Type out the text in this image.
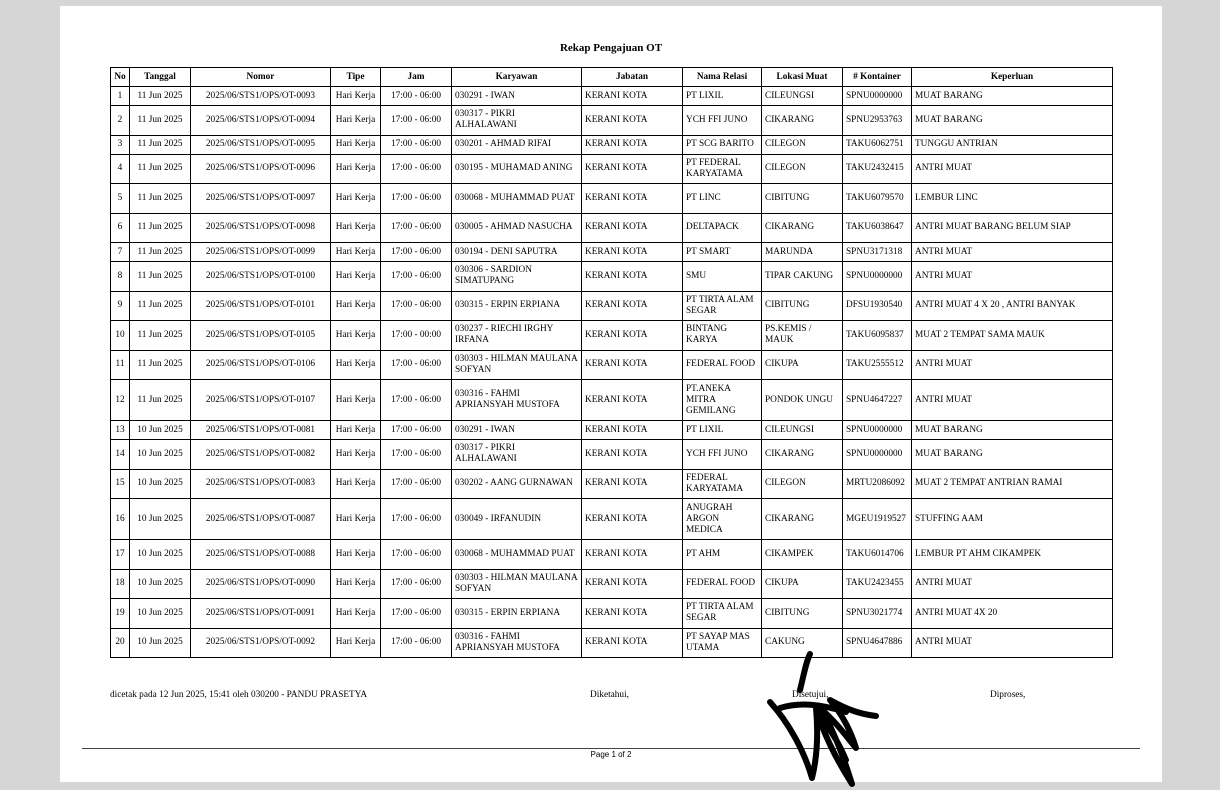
Rekap Pengajuan OT
No	Tanggal	Nomor	Tipe	Jam	Karyawan	Jabatan	Nama Relasi	Lokasi Muat	# Kontainer	Keperluan
1	11 Jun 2025	2025/06/STS1/OPS/OT-0093	Hari Kerja	17:00 - 06:00	030291 - IWAN	KERANI KOTA	PT LIXIL	CILEUNGSI	SPNU0000000	MUAT BARANG
2	11 Jun 2025	2025/06/STS1/OPS/OT-0094	Hari Kerja	17:00 - 06:00	030317 - PIKRI ALHALAWANI	KERANI KOTA	YCH FFI JUNO	CIKARANG	SPNU2953763	MUAT BARANG
3	11 Jun 2025	2025/06/STS1/OPS/OT-0095	Hari Kerja	17:00 - 06:00	030201 - AHMAD RIFAI	KERANI KOTA	PT SCG BARITO	CILEGON	TAKU6062751	TUNGGU ANTRIAN
4	11 Jun 2025	2025/06/STS1/OPS/OT-0096	Hari Kerja	17:00 - 06:00	030195 - MUHAMAD ANING	KERANI KOTA	PT FEDERAL KARYATAMA	CILEGON	TAKU2432415	ANTRI MUAT
5	11 Jun 2025	2025/06/STS1/OPS/OT-0097	Hari Kerja	17:00 - 06:00	030068 - MUHAMMAD PUAT	KERANI KOTA	PT LINC	CIBITUNG	TAKU6079570	LEMBUR LINC
6	11 Jun 2025	2025/06/STS1/OPS/OT-0098	Hari Kerja	17:00 - 06:00	030005 - AHMAD NASUCHA	KERANI KOTA	DELTAPACK	CIKARANG	TAKU6038647	ANTRI MUAT BARANG BELUM SIAP
7	11 Jun 2025	2025/06/STS1/OPS/OT-0099	Hari Kerja	17:00 - 06:00	030194 - DENI SAPUTRA	KERANI KOTA	PT SMART	MARUNDA	SPNU3171318	ANTRI MUAT
8	11 Jun 2025	2025/06/STS1/OPS/OT-0100	Hari Kerja	17:00 - 06:00	030306 - SARDION SIMATUPANG	KERANI KOTA	SMU	TIPAR CAKUNG	SPNU0000000	ANTRI MUAT
9	11 Jun 2025	2025/06/STS1/OPS/OT-0101	Hari Kerja	17:00 - 06:00	030315 - ERPIN ERPIANA	KERANI KOTA	PT TIRTA ALAM SEGAR	CIBITUNG	DFSU1930540	ANTRI MUAT 4 X 20 , ANTRI BANYAK
10	11 Jun 2025	2025/06/STS1/OPS/OT-0105	Hari Kerja	17:00 - 00:00	030237 - RIECHI IRGHY IRFANA	KERANI KOTA	BINTANG KARYA	PS.KEMIS / MAUK	TAKU6095837	MUAT 2 TEMPAT SAMA MAUK
11	11 Jun 2025	2025/06/STS1/OPS/OT-0106	Hari Kerja	17:00 - 06:00	030303 - HILMAN MAULANA SOFYAN	KERANI KOTA	FEDERAL FOOD	CIKUPA	TAKU2555512	ANTRI MUAT
12	11 Jun 2025	2025/06/STS1/OPS/OT-0107	Hari Kerja	17:00 - 06:00	030316 - FAHMI APRIANSYAH MUSTOFA	KERANI KOTA	PT.ANEKA MITRA GEMILANG	PONDOK UNGU	SPNU4647227	ANTRI MUAT
13	10 Jun 2025	2025/06/STS1/OPS/OT-0081	Hari Kerja	17:00 - 06:00	030291 - IWAN	KERANI KOTA	PT LIXIL	CILEUNGSI	SPNU0000000	MUAT BARANG
14	10 Jun 2025	2025/06/STS1/OPS/OT-0082	Hari Kerja	17:00 - 06:00	030317 - PIKRI ALHALAWANI	KERANI KOTA	YCH FFI JUNO	CIKARANG	SPNU0000000	MUAT BARANG
15	10 Jun 2025	2025/06/STS1/OPS/OT-0083	Hari Kerja	17:00 - 06:00	030202 - AANG GURNAWAN	KERANI KOTA	FEDERAL KARYATAMA	CILEGON	MRTU2086092	MUAT 2 TEMPAT ANTRIAN RAMAI
16	10 Jun 2025	2025/06/STS1/OPS/OT-0087	Hari Kerja	17:00 - 06:00	030049 - IRFANUDIN	KERANI KOTA	ANUGRAH ARGON MEDICA	CIKARANG	MGEU1919527	STUFFING AAM
17	10 Jun 2025	2025/06/STS1/OPS/OT-0088	Hari Kerja	17:00 - 06:00	030068 - MUHAMMAD PUAT	KERANI KOTA	PT AHM	CIKAMPEK	TAKU6014706	LEMBUR PT AHM CIKAMPEK
18	10 Jun 2025	2025/06/STS1/OPS/OT-0090	Hari Kerja	17:00 - 06:00	030303 - HILMAN MAULANA SOFYAN	KERANI KOTA	FEDERAL FOOD	CIKUPA	TAKU2423455	ANTRI MUAT
19	10 Jun 2025	2025/06/STS1/OPS/OT-0091	Hari Kerja	17:00 - 06:00	030315 - ERPIN ERPIANA	KERANI KOTA	PT TIRTA ALAM SEGAR	CIBITUNG	SPNU3021774	ANTRI MUAT 4X 20
20	10 Jun 2025	2025/06/STS1/OPS/OT-0092	Hari Kerja	17:00 - 06:00	030316 - FAHMI APRIANSYAH MUSTOFA	KERANI KOTA	PT SAYAP MAS UTAMA	CAKUNG	SPNU4647886	ANTRI MUAT
dicetak pada 12 Jun 2025, 15:41 oleh 030200 - PANDU PRASETYA	Diketahui,	Disetujui,	Diproses,
Page 1 of 2
